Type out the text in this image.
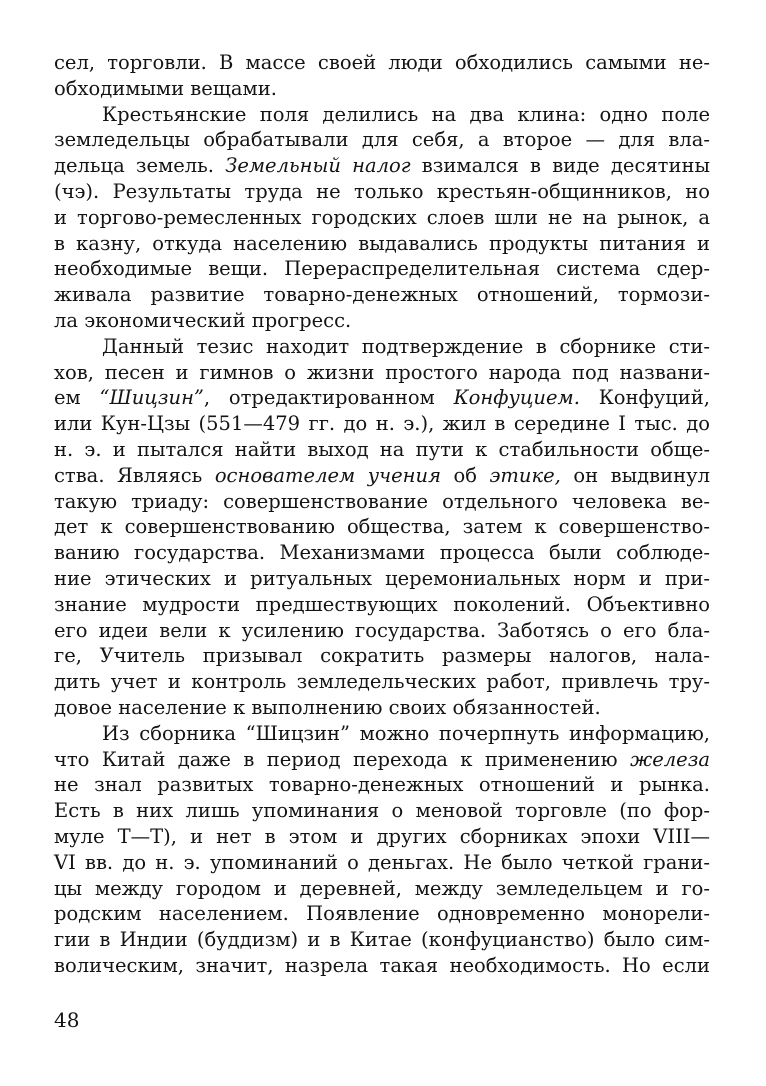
сел, торговли. В массе своей люди обходились самыми не-
обходимыми вещами.
Крестьянские поля делились на два клина: одно поле
земледельцы обрабатывали для себя, а второе — для вла-
дельца земель. Земельный налог взимался в виде десятины
(чэ). Результаты труда не только крестьян-общинников, но
и торгово-ремесленных городских слоев шли не на рынок, а
в казну, откуда населению выдавались продукты питания и
необходимые вещи. Перераспределительная система сдер-
живала развитие товарно-денежных отношений, тормози-
ла экономический прогресс.
Данный тезис находит подтверждение в сборнике сти-
хов, песен и гимнов о жизни простого народа под названи-
ем “Шицзин”, отредактированном Конфуцием. Конфуций,
или Кун-Цзы (551—479 гг. до н. э.), жил в середине I тыс. до
н. э. и пытался найти выход на пути к стабильности обще-
ства. Являясь основателем учения об этике, он выдвинул
такую триаду: совершенствование отдельного человека ве-
дет к совершенствованию общества, затем к совершенство-
ванию государства. Механизмами процесса были соблюде-
ние этических и ритуальных церемониальных норм и при-
знание мудрости предшествующих поколений. Объективно
его идеи вели к усилению государства. Заботясь о его бла-
ге, Учитель призывал сократить размеры налогов, нала-
дить учет и контроль земледельческих работ, привлечь тру-
довое население к выполнению своих обязанностей.
Из сборника “Шицзин” можно почерпнуть информацию,
что Китай даже в период перехода к применению железа
не знал развитых товарно-денежных отношений и рынка.
Есть в них лишь упоминания о меновой торговле (по фор-
муле Т—Т), и нет в этом и других сборниках эпохи VIII—
VI вв. до н. э. упоминаний о деньгах. Не было четкой грани-
цы между городом и деревней, между земледельцем и го-
родским населением. Появление одновременно монорели-
гии в Индии (буддизм) и в Китае (конфуцианство) было сим-
волическим, значит, назрела такая необходимость. Но если
48
